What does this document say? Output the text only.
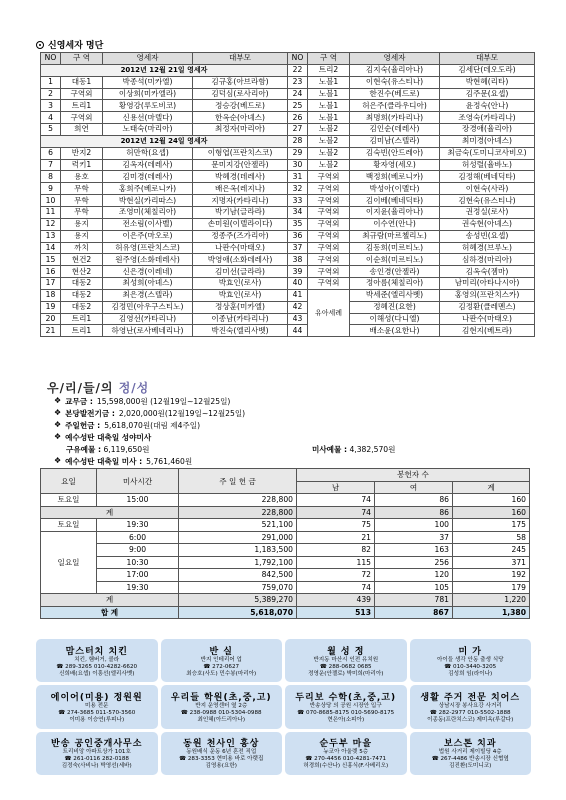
신영세자 명단
NO	구 역	영세자	대부모
2012년 12월 21일 영세자			
1	대동1	박종석(미카엘)	김규홍(아브라함)
2	구역외	이상희(미카엘라)	김덕심(로사리아)
3	트리1	황영강(루도비코)	정승강(베드로)
4	구역외	신용선(마델다)	한옥순(아녜스)
5	희연	노태숙(마리아)	최정자(마리아)
2012년 12월 24일 영세자			
6	반지2	허만학(요셉)	이형엽(프란치스코)
7	럭키1	김옥자(데레사)	문미지강(안젤라)
8	용호	김미경(데레사)	박혜경(데레사)
9	무학	홍희주(베로니카)	배은옥(레지나)
10	무학	박현실(카리따스)	지명자(카타리나)
11	무학	조영미(체칠리아)	박기남(글라라)
12	용지	전소림(이사벨)	손미원(이델라이다)
13	용지	이은주(마오로)	정종주(즈가리아)
14	까치	허유영(프란치스코)	나판수(마태오)
15	현건2	원주영(소화데레사)	박영애(소화데레사)
16	현산2	신은경(이레네)	김미선(글라라)
17	대동2	최성희(아녜스)	박효인(로사)
18	대동2	최은경(스텔라)	박효인(로사)
19	대동2	김정민(아우구스티노)	정상훈(미카엘)
20	트리1	김영선(카타리나)	이종남(카타리나)
21	트리1	하영난(로사베네리나)	박진숙(엘리사벳)
NO	구 역	영세자	대부모
22	트리2	김지숙(율리아나)	김세단(데오도라)
23	노블1	이현숙(유스티나)	박현혜(리타)
24	노블1	한진수(베드로)	김주문(요셉)
25	노블1	허은주(클라우디아)	윤정숙(안나)
26	노블1	최명희(카타리나)	조영숙(카타리나)
27	노블2	김인순(데레사)	장경애(율리아)
28	노블2	김미남(스텔라)	최미경(아녜스)
29	노블2	김숙빈(안드레아)	최금숙(도미니코사비오)
30	노블2	황자영(세오)	허성렬(율바노)
31	구역외	백정희(베로니카)	김정해(베네딕타)
32	구역외	박성아(이멜다)	이현숙(사라)
33	구역외	김이베(베네딕타)	김현숙(유스티나)
34	구역외	이지윤(율리아나)	권정실(로사)
35	구역외	이수연(안나)	권숙현(아녜스)
36	구역외	최규람(마르첼리노)	송성빈(요셉)
37	구역외	김동희(미르티노)	허혜경(브루노)
38	구역외	이순희(미르티노)	심하경(마리아)
39	구역외	송인경(안젤라)	김옥숙(젬마)
40	구역외	정아름(체칠리아)	남미리(아타나시아)
41	유아세례	박세준(엘리사벳)	홍영의(프란치스카)
42		정혜진(요한)	김정환(클레멘스)
43		이해성(다니엘)	나판수(마태오)
44		배소윤(요한나)	김현지(베트라)
우/리/들/의 정/성
❖ 교무금 : 15,598,000원 (12월19일~12월25일)
❖ 본당발전기금 : 2,020,000원(12월19일~12월25일)
❖ 주일헌금 : 5,618,070원(대림 제4주일)
❖ 예수성탄 대축일 성야미사
구유예물 : 6,119,650원	미사예물 : 4,382,570원
❖ 예수성탄 대축일 미사 : 5,761,460원
요일	미사시간	주 일 헌 금	봉헌자 수		
			남	여	계
토요일	15:00	228,800	74	86	160
계		228,800	74	86	160
토요일	19:30	521,100	75	100	175
일요일	6:00	291,000	21	37	58
	9:00	1,183,500	82	163	245
	10:30	1,792,100	115	256	371
	17:00	842,500	72	120	192
	19:30	759,070	74	105	179
계		5,389,270	439	781	1,220
합 계		5,618,070	513	867	1,380
맘스터치 치킨
치킨, 햄버거, 콜라
☎ 289-3265 010-4282-6620
신희배(요셉) 이흥선(엘리사벳)
반 실
반지 인테리어 업
☎ 272-0627
최승호(사도) 민수봉(마리아)
월 성 정
반지동 마산시 인전 유치원
☎ 288-0682 0685
정영운(안젤로) 박미희(마리아)
미 가
아이들 생각 안동 출생 식당
☎ 010-3440-3205
김성희 임(라이나)
에이어(미용) 정원원
미용 전문
☎ 274-3685 011-570-3560
이미용 이승연(루피나)
우리들 학원(초,중,고)
반지 운영센터 옆 2층
☎ 238-0988 010-5304-0988
최인혜(아드리아나)
두리보 수학(초,중,고)
반송상당 의 공원 시장안 입구
☎ 070-8685-8175 010-5690-8175
현은아(소피아)
생활 주거 전문 치어스
상남시장 봉사요강 사거리
☎ 282-2977 010-5502-1888
이종동(프란치스코) 제미옥(루갈다)
반송 공인중개사무소
트리비앙 아파트상가 101호
☎ 261-0116 282-0188
김정숙(사비나) 박영선(세바)
동원 천사인 홍상
동원배식 운동 6년 혼전 직업
☎ 283-3353 현미용 바로 아랫집
김영용(요한)
순두부 마을
뉴코아 아울렛 5층
☎ 270-4456 010-4281-7471
허경희(수산나) 신홍식(F.사베리오)
보스톤 치과
법원 사거리 제이빌딩 4층
☎ 267-4486 반송시장 신협옆
김진환(도미니코)
